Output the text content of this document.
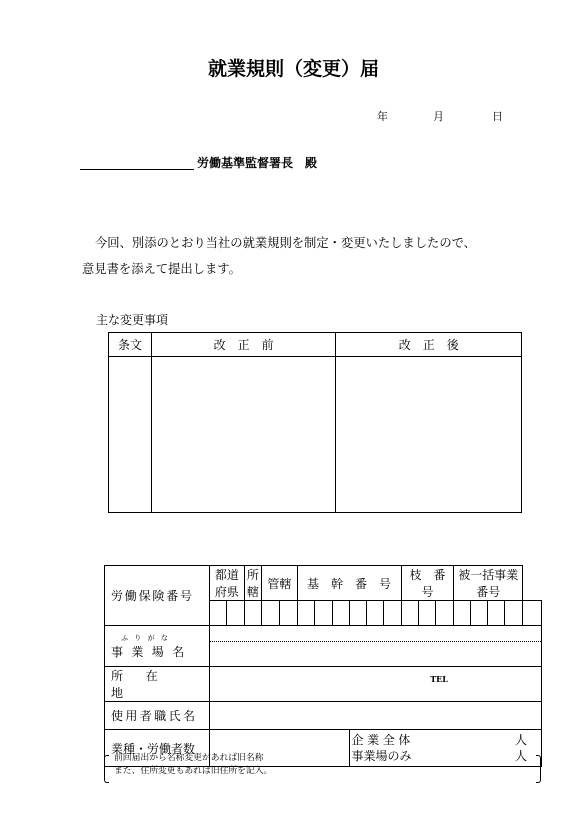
就業規則（変更）届
年	月	日
労働基準監督署長　殿
今回、別添のとおり当社の就業規則を制定・変更いたしましたので、
意見書を添えて提出します。
主な変更事項
条文	改　正　前	改　正　後

労働保険番号	都道府県		所轄	管轄		基　幹　番　号						枝　番　号			被一括事業番号				

ふりがな
事業場名																			

所在地	TEL																		

使用者職氏名																			
業種・労働者数									企業全体 人
事業場のみ 人										
前回届出から名称変更があれば旧名称
また、住所変更もあれば旧住所を記入。
